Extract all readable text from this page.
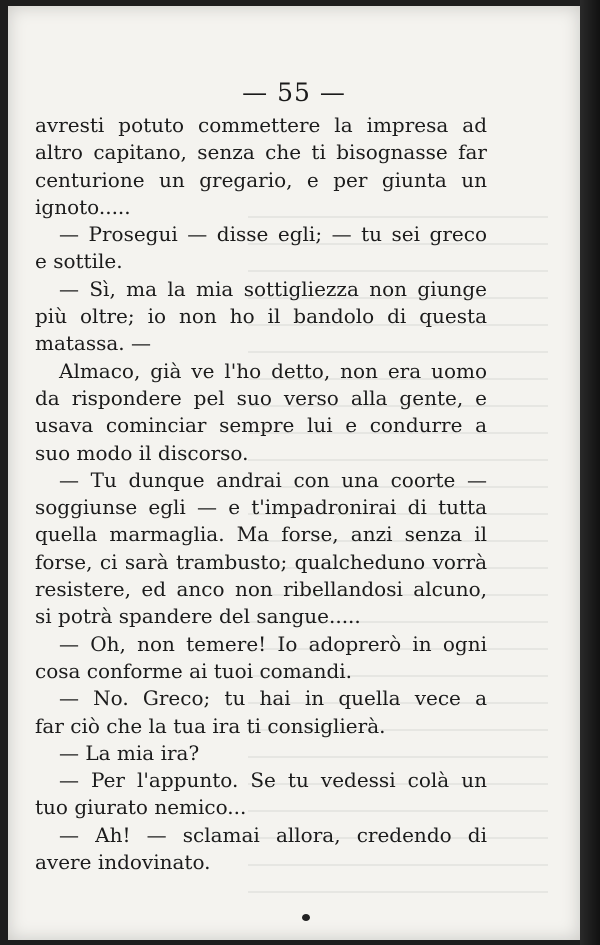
— 55 —
avresti potuto commettere la impresa ad
altro capitano, senza che ti bisognasse far
centurione un gregario, e per giunta un
ignoto.....
— Prosegui — disse egli; — tu sei greco
e sottile.
— Sì, ma la mia sottigliezza non giunge
più oltre; io non ho il bandolo di questa
matassa. —
Almaco, già ve l'ho detto, non era uomo
da rispondere pel suo verso alla gente, e
usava cominciar sempre lui e condurre a
suo modo il discorso.
— Tu dunque andrai con una coorte —
soggiunse egli — e t'impadronirai di tutta
quella marmaglia. Ma forse, anzi senza il
forse, ci sarà trambusto; qualcheduno vorrà
resistere, ed anco non ribellandosi alcuno,
si potrà spandere del sangue.....
— Oh, non temere! Io adoprerò in ogni
cosa conforme ai tuoi comandi.
— No. Greco; tu hai in quella vece a
far ciò che la tua ira ti consiglierà.
— La mia ira?
— Per l'appunto. Se tu vedessi colà un
tuo giurato nemico...
— Ah! — sclamai allora, credendo di
avere indovinato.
